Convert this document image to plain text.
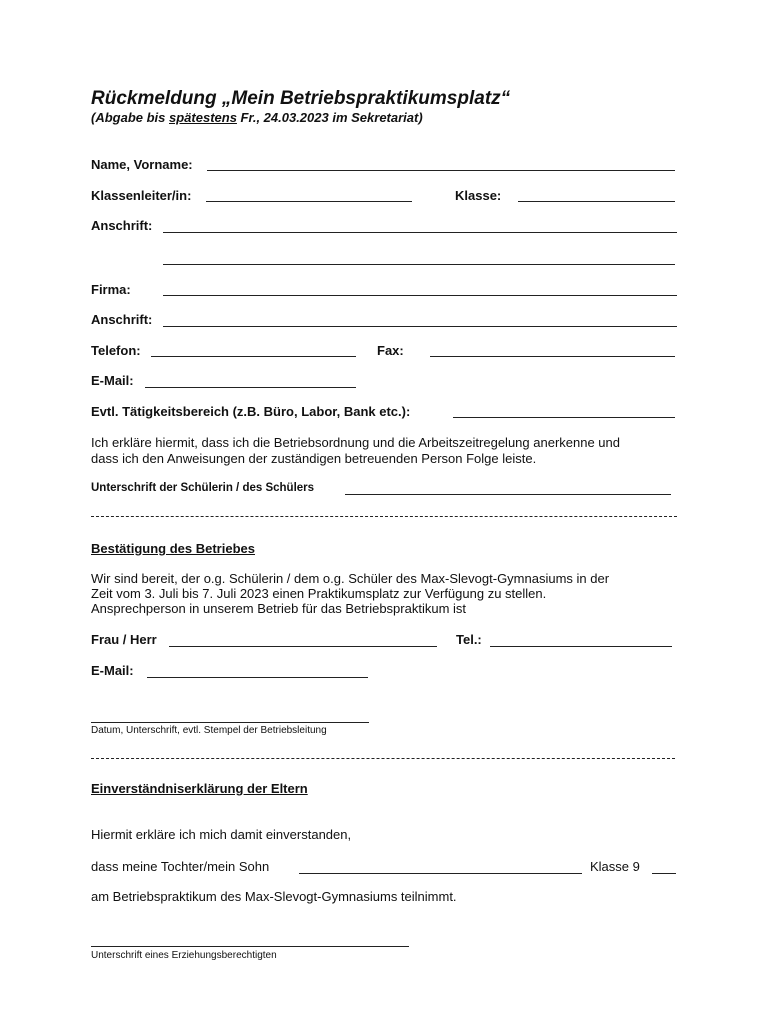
Rückmeldung „Mein Betriebspraktikumsplatz“
(Abgabe bis spätestens Fr., 24.03.2023 im Sekretariat)
Name, Vorname:
Klassenleiter/in:	Klasse:
Anschrift:
Firma:
Anschrift:
Telefon:	Fax:
E-Mail:
Evtl. Tätigkeitsbereich (z.B. Büro, Labor, Bank etc.):
Ich erkläre hiermit, dass ich die Betriebsordnung und die Arbeitszeitregelung anerkenne und
dass ich den Anweisungen der zuständigen betreuenden Person Folge leiste.
Unterschrift der Schülerin / des Schülers
Bestätigung des Betriebes
Wir sind bereit, der o.g. Schülerin / dem o.g. Schüler des Max-Slevogt-Gymnasiums in der
Zeit vom 3. Juli bis 7. Juli 2023 einen Praktikumsplatz zur Verfügung zu stellen.
Ansprechperson in unserem Betrieb für das Betriebspraktikum ist
Frau / Herr	Tel.:
E-Mail:
Datum, Unterschrift, evtl. Stempel der Betriebsleitung
Einverständniserklärung der Eltern
Hiermit erkläre ich mich damit einverstanden,
dass meine Tochter/mein Sohn	Klasse 9
am Betriebspraktikum des Max-Slevogt-Gymnasiums teilnimmt.
Unterschrift eines Erziehungsberechtigten
